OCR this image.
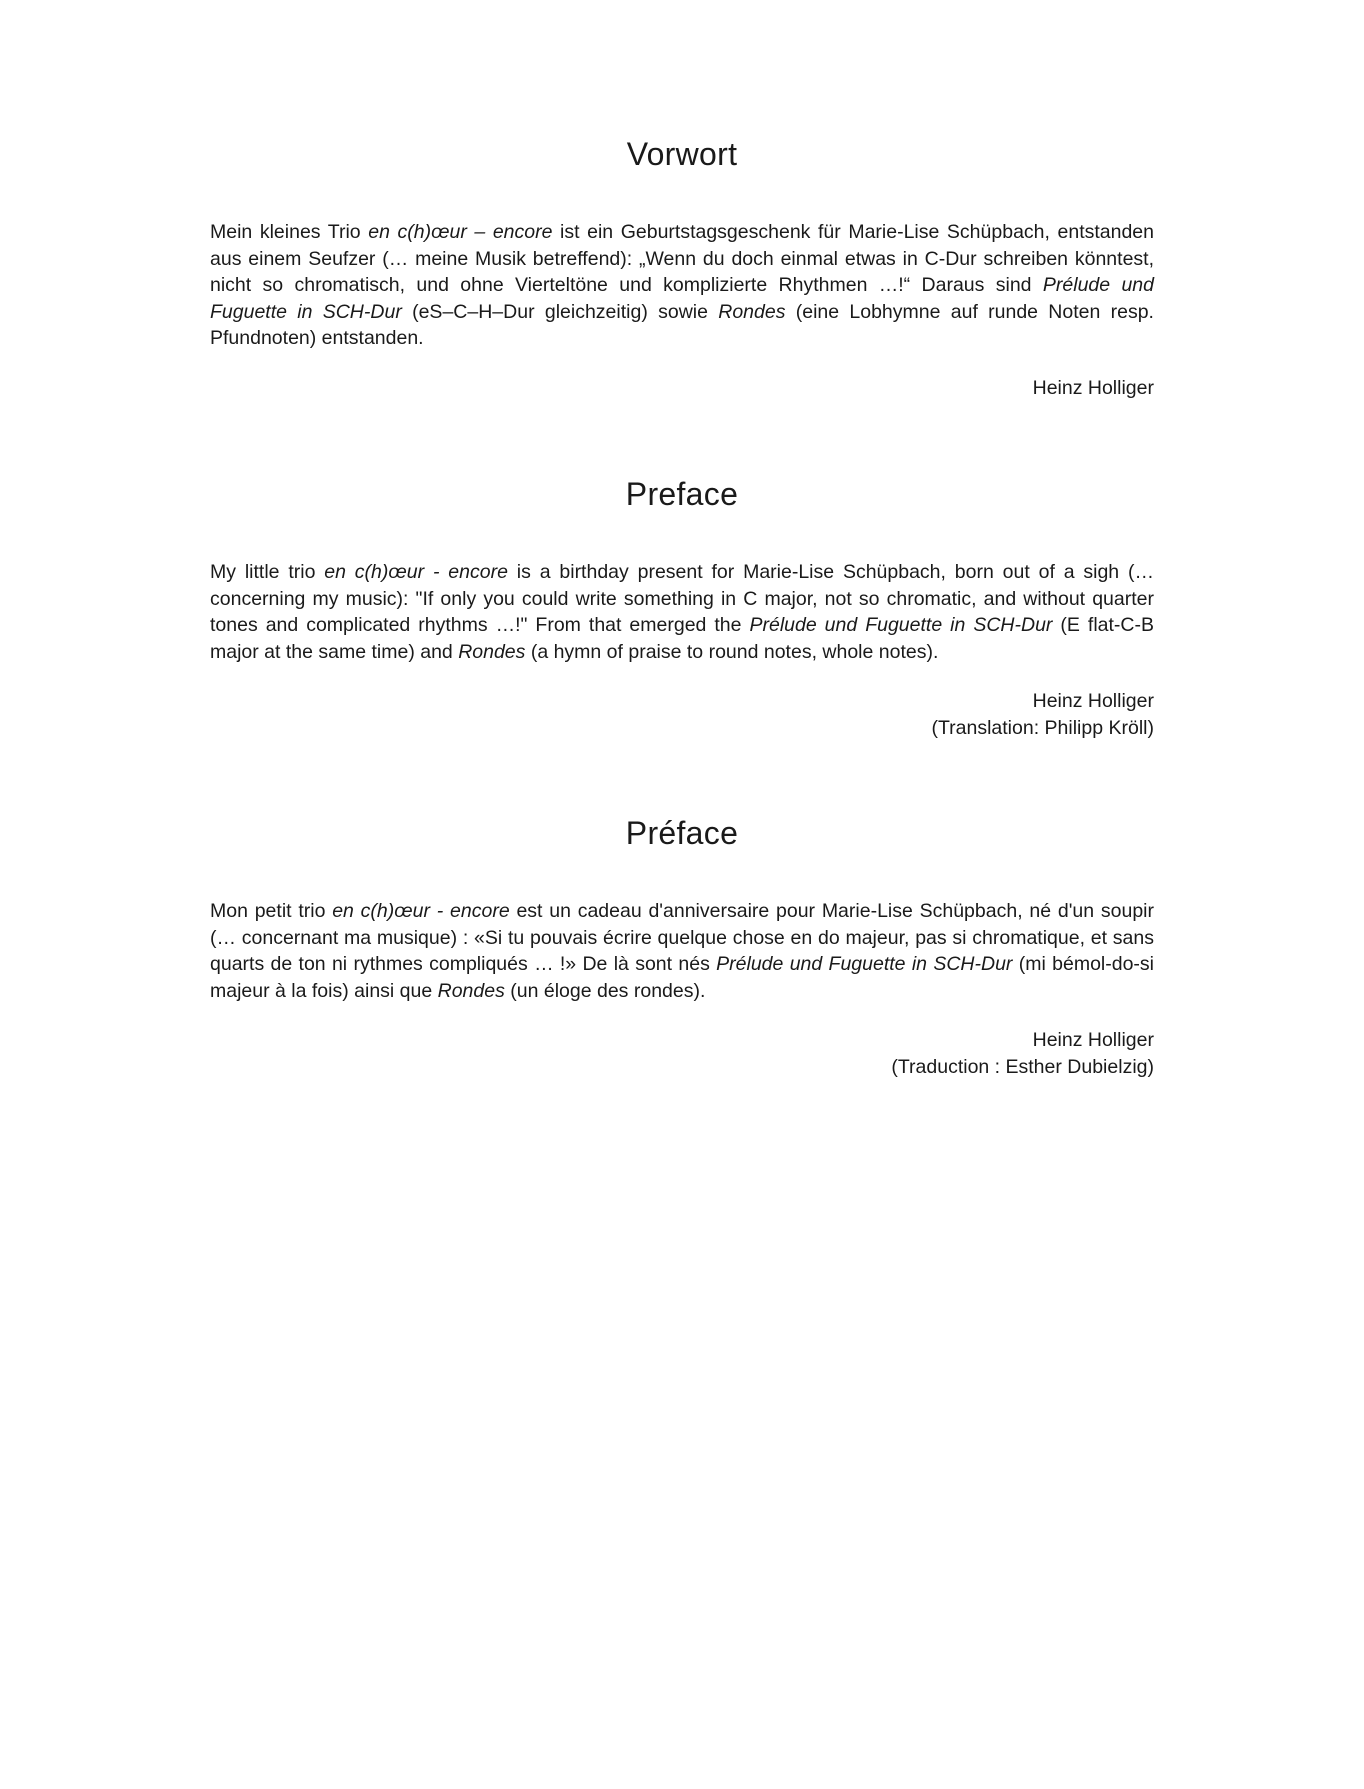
Vorwort

Mein kleines Trio en c(h)œur – encore ist ein Geburtstagsgeschenk für Marie-Lise Schüpbach, entstanden aus einem Seufzer (… meine Musik betreffend): „Wenn du doch einmal etwas in C-Dur schreiben könntest, nicht so chromatisch, und ohne Vierteltöne und komplizierte Rhythmen …!“ Daraus sind Prélude und Fuguette in SCH-Dur (eS–C–H–Dur gleichzeitig) sowie Rondes (eine Lobhymne auf runde Noten resp. Pfundnoten) entstanden.

Heinz Holliger
Preface

My little trio en c(h)œur - encore is a birthday present for Marie-Lise Schüpbach, born out of a sigh (… concerning my music): "If only you could write something in C major, not so chromatic, and without quarter tones and complicated rhythms …!" From that emerged the Prélude und Fuguette in SCH-Dur (E flat-C-B major at the same time) and Rondes (a hymn of praise to round notes, whole notes).

Heinz Holliger
(Translation: Philipp Kröll)
Préface

Mon petit trio en c(h)œur - encore est un cadeau d'anniversaire pour Marie-Lise Schüpbach, né d'un soupir (… concernant ma musique) : «Si tu pouvais écrire quelque chose en do majeur, pas si chromatique, et sans quarts de ton ni rythmes compliqués … !» De là sont nés Prélude und Fuguette in SCH-Dur (mi bémol-do-si majeur à la fois) ainsi que Rondes (un éloge des rondes).

Heinz Holliger
(Traduction : Esther Dubielzig)
